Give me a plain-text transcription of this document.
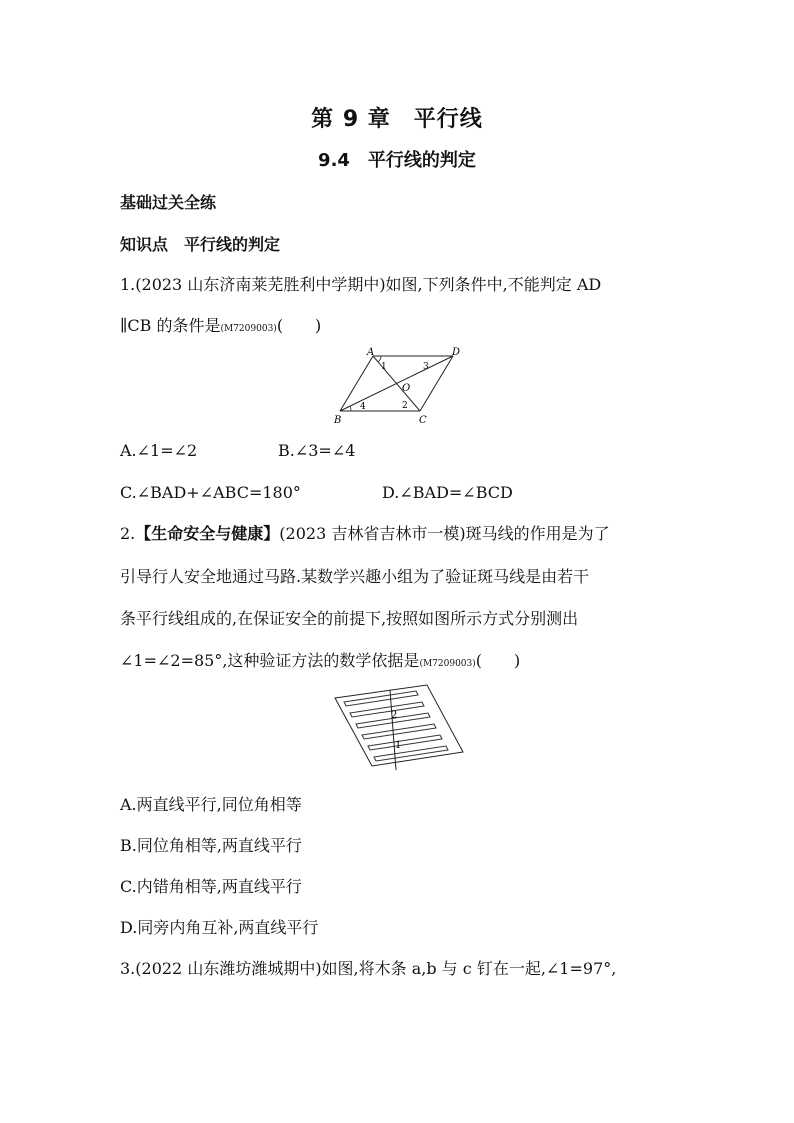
第 9 章　平行线
9.4　平行线的判定
基础过关全练
知识点　平行线的判定
1.(2023 山东济南莱芜胜利中学期中)如图,下列条件中,不能判定 AD
∥CB 的条件是(M7209003)(　　)
A	D
B	C
O
1	3
2
4
A.∠1=∠2	B.∠3=∠4
C.∠BAD+∠ABC=180°	D.∠BAD=∠BCD
2.【生命安全与健康】(2023 吉林省吉林市一模)斑马线的作用是为了
引导行人安全地通过马路.某数学兴趣小组为了验证斑马线是由若干
条平行线组成的,在保证安全的前提下,按照如图所示方式分别测出
∠1=∠2=85°,这种验证方法的数学依据是(M7209003)(　　)
2
1
A.两直线平行,同位角相等
B.同位角相等,两直线平行
C.内错角相等,两直线平行
D.同旁内角互补,两直线平行
3.(2022 山东潍坊潍城期中)如图,将木条 a,b 与 c 钉在一起,∠1=97°,
